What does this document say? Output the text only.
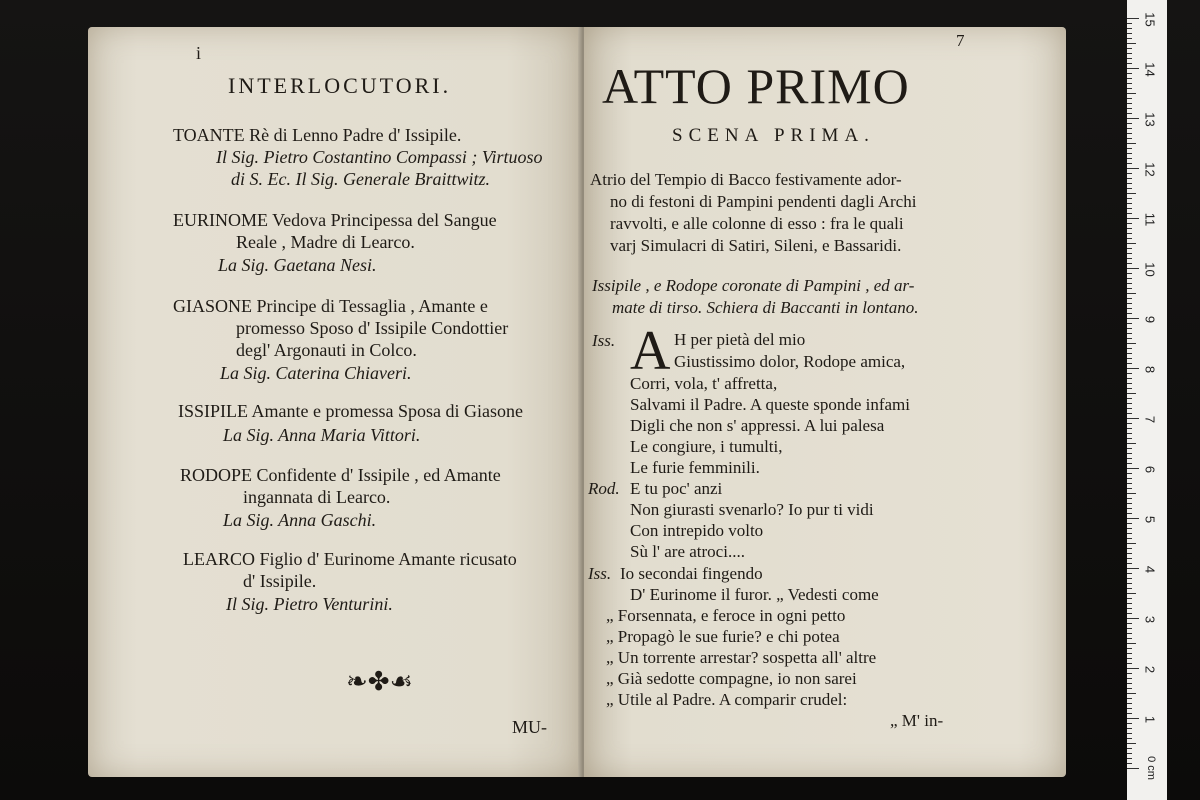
i
INTERLOCUTORI.
TOANTE Rè di Lenno Padre d' Issipile.
Il Sig. Pietro Costantino Compassi ; Virtuoso
di S. Ec. Il Sig. Generale Braittwitz.
EURINOME Vedova Principessa del Sangue
Reale , Madre di Learco.
La Sig. Gaetana Nesi.
GIASONE Principe di Tessaglia , Amante e
promesso Sposo d' Issipile Condottier
degl' Argonauti in Colco.
La Sig. Caterina Chiaveri.
ISSIPILE Amante e promessa Sposa di Giasone
La Sig. Anna Maria Vittori.
RODOPE Confidente d' Issipile , ed Amante
ingannata di Learco.
La Sig. Anna Gaschi.
LEARCO Figlio d' Eurinome Amante ricusato
d' Issipile.
Il Sig. Pietro Venturini.
❧✤☙
MU-
7
ATTO PRIMO
SCENA PRIMA.
Atrio del Tempio di Bacco festivamente ador-
no di festoni di Pampini pendenti dagli Archi
ravvolti, e alle colonne di esso : fra le quali
varj Simulacri di Satiri, Sileni, e Bassaridi.
Issipile , e Rodope coronate di Pampini , ed ar-
mate di tirso. Schiera di Baccanti in lontano.
Iss. A H per pietà del mio
Giustissimo dolor, Rodope amica,
Corri, vola, t' affretta,
Salvami il Padre. A queste sponde infami
Digli che non s' appressi. A lui palesa
Le congiure, i tumulti,
Le furie femminili.
Rod. E tu poc' anzi
Non giurasti svenarlo? Io pur ti vidi
Con intrepido volto
Sù l' are atroci....
Iss. Io secondai fingendo
D' Eurinome il furor. „ Vedesti come
„ Forsennata, e feroce in ogni petto
„ Propagò le sue furie? e chi potea
„ Un torrente arrestar? sospetta all' altre
„ Già sedotte compagne, io non sarei
„ Utile al Padre. A comparir crudel:
„ M' in-
15
14
13
12
11
10
9
8
7
6
5
4
3
2
1
0 cm
